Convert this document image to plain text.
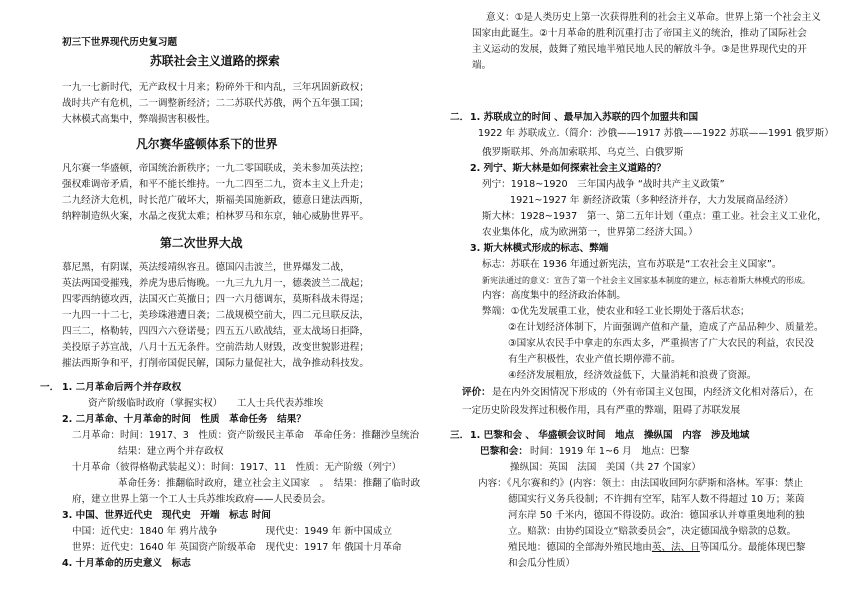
初三下世界现代历史复习题
苏联社会主义道路的探索
一九一七新时代，无产政权十月来；粉碎外干和内乱，三年巩固新政权；
战时共产有危机，二一调整新经济；二二苏联代苏俄，两个五年强工国；
大林模式高集中，弊端损害积极性。
凡尔赛华盛顿体系下的世界
凡尔赛一华盛顿，帝国统治新秩序；一九二零国联成，美未参加英法控；
强权难调帝矛盾，和平不能长维持。一九二四至二九，资本主义上升走；
二九经济大危机，时长范广破坏大，斯福美国施新政，德意日建法西斯，
纳粹制造纵火案，水晶之夜犹太难；柏林罗马和东京，轴心威胁世界平。
第二次世界大战
慕尼黑，有阴谋，英法绥靖纵容丑。德国闪击波兰，世界爆发二战，
英法两国受摧残，养虎为患后悔晚。一九三九九月一，德袭波兰二战起；
四零西纳德攻西，法国灭亡英撤日；四一六月德调东，莫斯科战未得逞；
一九四一十二七，美珍珠港遭日袭；二战规模空前大，四二元旦联反法，
四三二，格勒转，四四六六登诺曼；四五五八欧战结，亚太战场日拒降，
美投原子苏宣战，八月十五无条件。空前浩劫人财毁，改变世貌影进程；
摧法西斯争和平，打削帝国促民解，国际力量促社大，战争推动科技发。
一． 1. 二月革命后两个并存政权
资产阶级临时政府（掌握实权）　　工人士兵代表苏维埃
2. 二月革命、十月革命的时间　性质　革命任务　结果？
二月革命：时间：1917、3　性质：资产阶级民主革命　革命任务：推翻沙皇统治
结果：建立两个并存政权
十月革命（彼得格勒武装起义）：时间：1917、11　性质：无产阶级（列宁）
革命任务：推翻临时政府，建立社会主义国家　。　结果：推翻了临时政
府，建立世界上第一个工人士兵苏维埃政府——人民委员会。
3. 中国、世界近代史　现代史　开端　标志 时间
中国：近代史：1840 年 鸦片战争　　　　　现代史：1949 年 新中国成立
世界：近代史：1640 年 英国资产阶级革命　现代史：1917 年 俄国十月革命
4. 十月革命的历史意义　标志
意义：①是人类历史上第一次获得胜利的社会主义革命。世界上第一个社会主义
国家由此诞生。②十月革命的胜利沉重打击了帝国主义的统治，推动了国际社会
主义运动的发展，鼓舞了殖民地半殖民地人民的解放斗争。③是世界现代史的开
端。
二． 1. 苏联成立的时间 、最早加入苏联的四个加盟共和国
1922 年 苏联成立.（简介：沙俄——1917 苏俄——1922 苏联——1991 俄罗斯）
俄罗斯联邦、外高加索联邦、乌克兰、白俄罗斯
2. 列宁、斯大林是如何探索社会主义道路的？
列宁：1918~1920　三年国内战争 “战时共产主义政策”
1921~1927 年 新经济政策（多种经济并存，大力发展商品经济）
斯大林：1928~1937　第一、第二五年计划（重点：重工业。社会主义工业化，
农业集体化，成为欧洲第一，世界第二经济大国。）
3. 斯大林模式形成的标志、弊端
标志：苏联在 1936 年通过新宪法，宣布苏联是“工农社会主义国家”。
新宪法通过的意义：宣告了第一个社会主义国家基本制度的建立，标志着斯大林模式的形成。
内容：高度集中的经济政治体制。
弊端：①优先发展重工业，使农业和轻工业长期处于落后状态；
②在计划经济体制下，片面强调产值和产量，造成了产品品种少、质量差。
③国家从农民手中拿走的东西太多，严重损害了广大农民的利益，农民没
有生产积极性，农业产值长期停滞不前。
④经济发展粗放，经济效益低下，大量消耗和浪费了资源。
评价： 是在内外交困情况下形成的（外有帝国主义包围，内经济文化相对落后），在
一定历史阶段发挥过积极作用，具有严重的弊端，阻碍了苏联发展
三． 1. 巴黎和会 、 华盛顿会议时间　地点　操纵国　内容　涉及地域
巴黎和会： 时间：1919 年 1~6 月　地点：巴黎
操纵国：英国　法国　美国（共 27 个国家）
内容：《凡尔赛和约》(内容：领土：由法国收回阿尔萨斯和洛林。军事：禁止
德国实行义务兵役制；不许拥有空军，陆军人数不得超过 10 万；莱茵
河东岸 50 千米内，德国不得设防。政治：德国承认并尊重奥地利的独
立。赔款：由协约国设立“赔款委员会”，决定德国战争赔款的总数。
殖民地：德国的全部海外殖民地由英、法、日等国瓜分。最能体现巴黎
和会瓜分性质）
